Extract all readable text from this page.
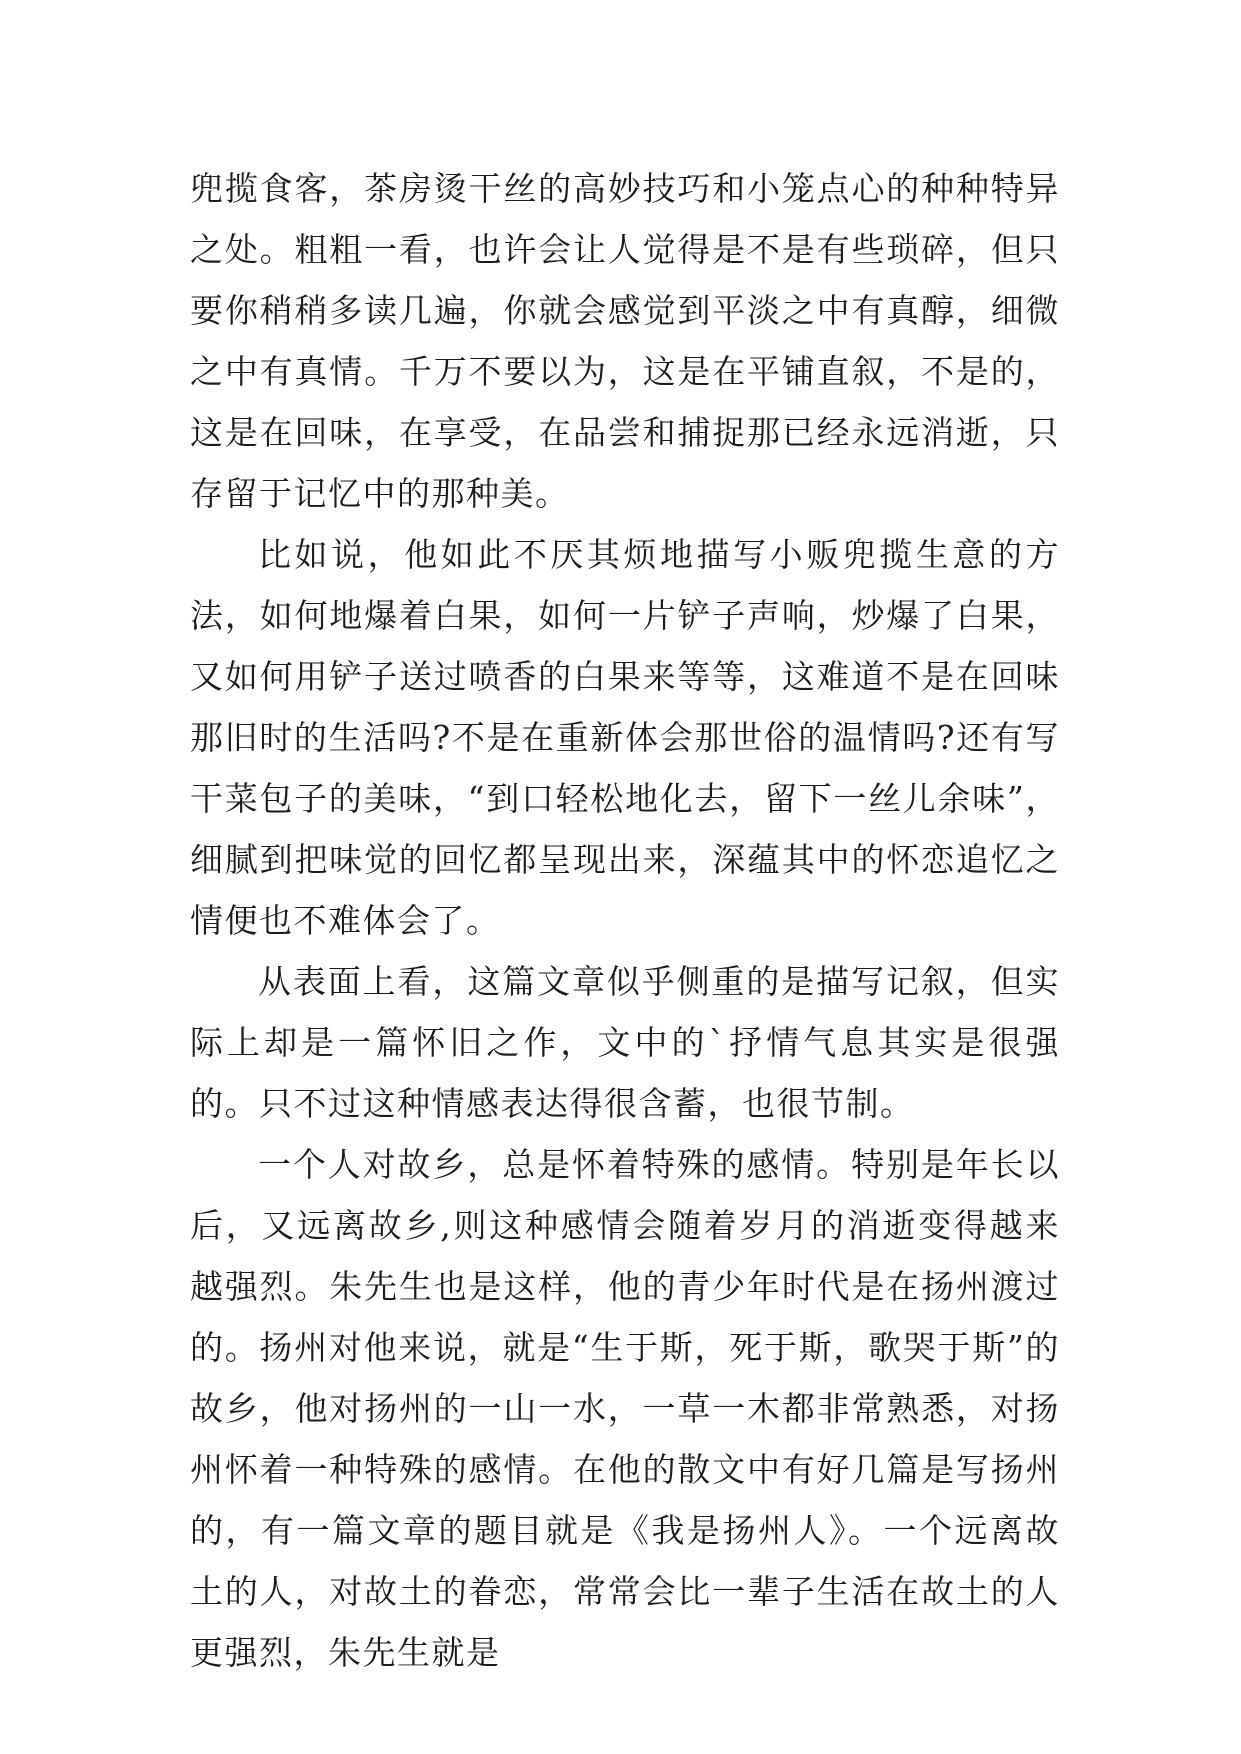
兜揽食客，茶房烫干丝的高妙技巧和小笼点心的种种特异之处。粗粗一看，也许会让人觉得是不是有些琐碎，但只要你稍稍多读几遍，你就会感觉到平淡之中有真醇，细微之中有真情。千万不要以为，这是在平铺直叙，不是的，这是在回味，在享受，在品尝和捕捉那已经永远消逝，只存留于记忆中的那种美。

比如说，他如此不厌其烦地描写小贩兜揽生意的方法，如何地爆着白果，如何一片铲子声响，炒爆了白果，又如何用铲子送过喷香的白果来等等，这难道不是在回味那旧时的生活吗?不是在重新体会那世俗的温情吗?还有写干菜包子的美味，“到口轻松地化去，留下一丝儿余味”，细腻到把味觉的回忆都呈现出来，深蕴其中的怀恋追忆之情便也不难体会了。

从表面上看，这篇文章似乎侧重的是描写记叙，但实际上却是一篇怀旧之作，文中的`抒情气息其实是很强的。只不过这种情感表达得很含蓄，也很节制。

一个人对故乡，总是怀着特殊的感情。特别是年长以后，又远离故乡,则这种感情会随着岁月的消逝变得越来越强烈。朱先生也是这样，他的青少年时代是在扬州渡过的。扬州对他来说，就是“生于斯，死于斯，歌哭于斯”的故乡，他对扬州的一山一水，一草一木都非常熟悉，对扬州怀着一种特殊的感情。在他的散文中有好几篇是写扬州的，有一篇文章的题目就是《我是扬州人》。一个远离故土的人，对故土的眷恋，常常会比一辈子生活在故土的人更强烈，朱先生就是
